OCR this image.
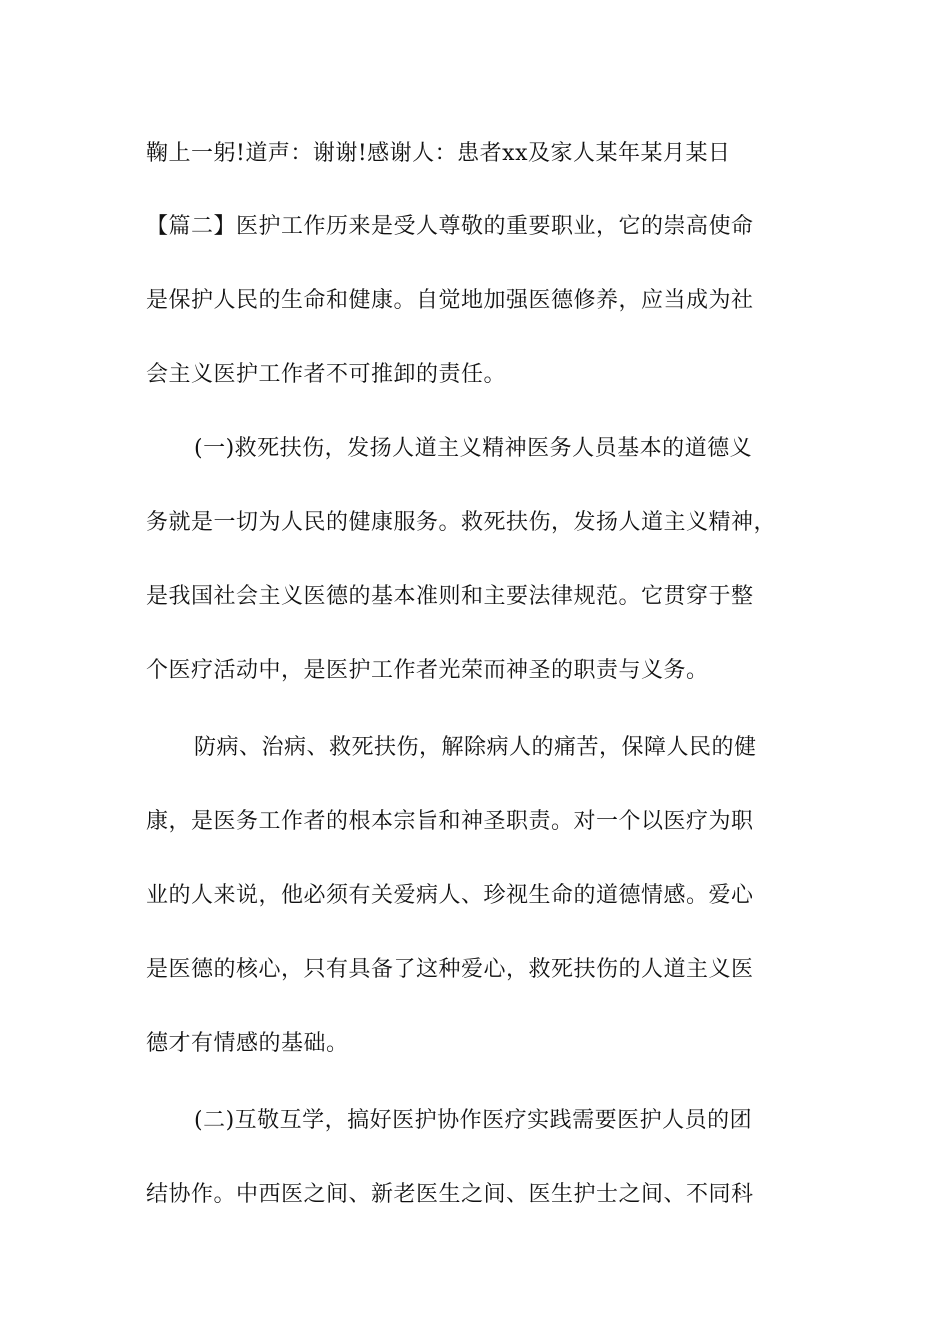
鞠上一躬!道声：谢谢!感谢人：患者xx及家人某年某月某日
【篇二】医护工作历来是受人尊敬的重要职业，它的崇高使命
是保护人民的生命和健康。自觉地加强医德修养，应当成为社
会主义医护工作者不可推卸的责任。
(一)救死扶伤，发扬人道主义精神医务人员基本的道德义
务就是一切为人民的健康服务。救死扶伤，发扬人道主义精神，
是我国社会主义医德的基本准则和主要法律规范。它贯穿于整
个医疗活动中，是医护工作者光荣而神圣的职责与义务。
防病、治病、救死扶伤，解除病人的痛苦，保障人民的健
康，是医务工作者的根本宗旨和神圣职责。对一个以医疗为职
业的人来说，他必须有关爱病人、珍视生命的道德情感。爱心
是医德的核心，只有具备了这种爱心，救死扶伤的人道主义医
德才有情感的基础。
(二)互敬互学，搞好医护协作医疗实践需要医护人员的团
结协作。中西医之间、新老医生之间、医生护士之间、不同科
